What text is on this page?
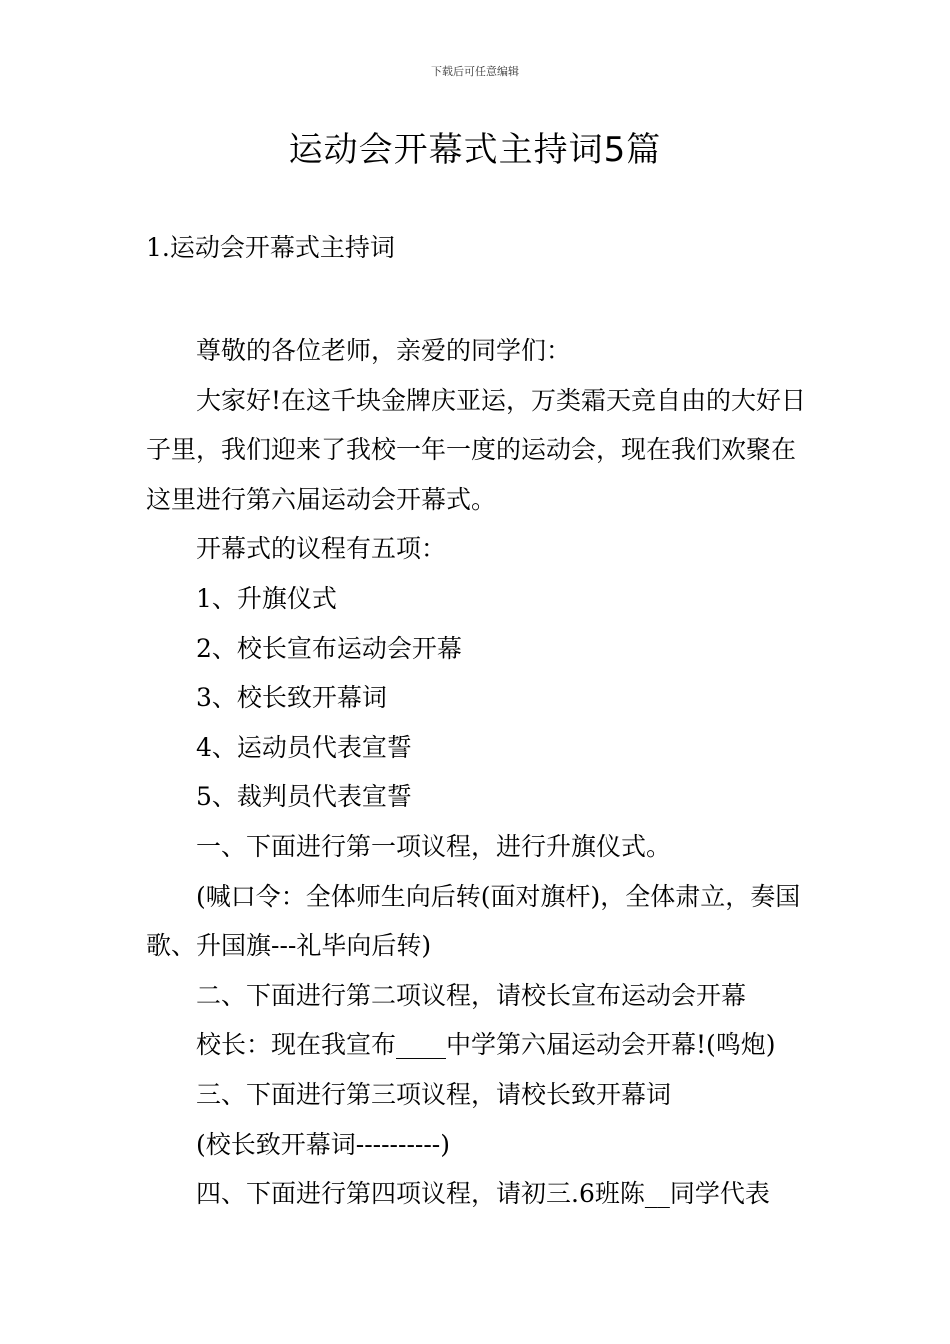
下载后可任意编辑
运动会开幕式主持词5篇
1.运动会开幕式主持词

尊敬的各位老师，亲爱的同学们：

大家好!在这千块金牌庆亚运，万类霜天竞自由的大好日子里，我们迎来了我校一年一度的运动会，现在我们欢聚在这里进行第六届运动会开幕式。

开幕式的议程有五项：

1、升旗仪式

2、校长宣布运动会开幕

3、校长致开幕词

4、运动员代表宣誓

5、裁判员代表宣誓

一、下面进行第一项议程，进行升旗仪式。

(喊口令：全体师生向后转(面对旗杆)，全体肃立，奏国歌、升国旗---礼毕向后转)

二、下面进行第二项议程，请校长宣布运动会开幕

校长：现在我宣布____中学第六届运动会开幕!(鸣炮)

三、下面进行第三项议程，请校长致开幕词

(校长致开幕词----------)

四、下面进行第四项议程，请初三.6班陈__同学代表
